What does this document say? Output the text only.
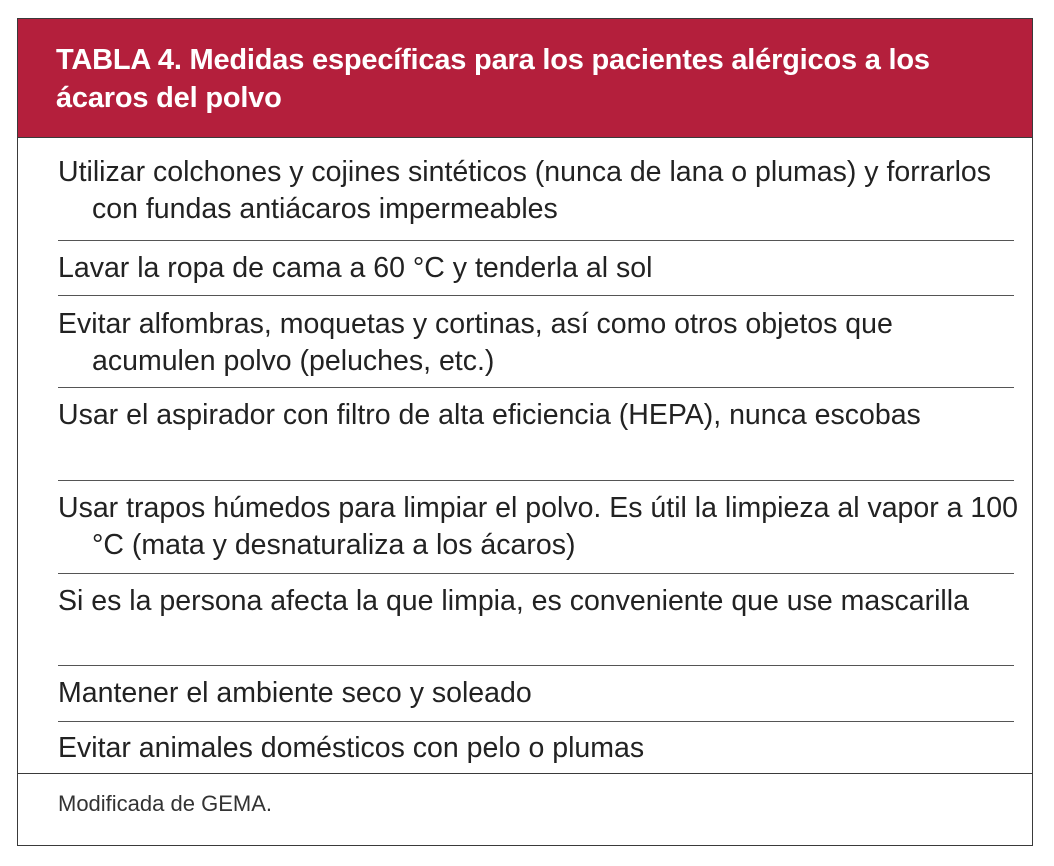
TABLA 4. Medidas específicas para los pacientes alérgicos a los ácaros del polvo

Utilizar colchones y cojines sintéticos (nunca de lana o plumas) y forrarlos con fundas antiácaros impermeables

Lavar la ropa de cama a 60 °C y tenderla al sol

Evitar alfombras, moquetas y cortinas, así como otros objetos que acumulen polvo (peluches, etc.)

Usar el aspirador con filtro de alta eficiencia (HEPA), nunca escobas

Usar trapos húmedos para limpiar el polvo. Es útil la limpieza al vapor a 100 °C (mata y desnaturaliza a los ácaros)

Si es la persona afecta la que limpia, es conveniente que use mascarilla

Mantener el ambiente seco y soleado

Evitar animales domésticos con pelo o plumas

Modificada de GEMA.
